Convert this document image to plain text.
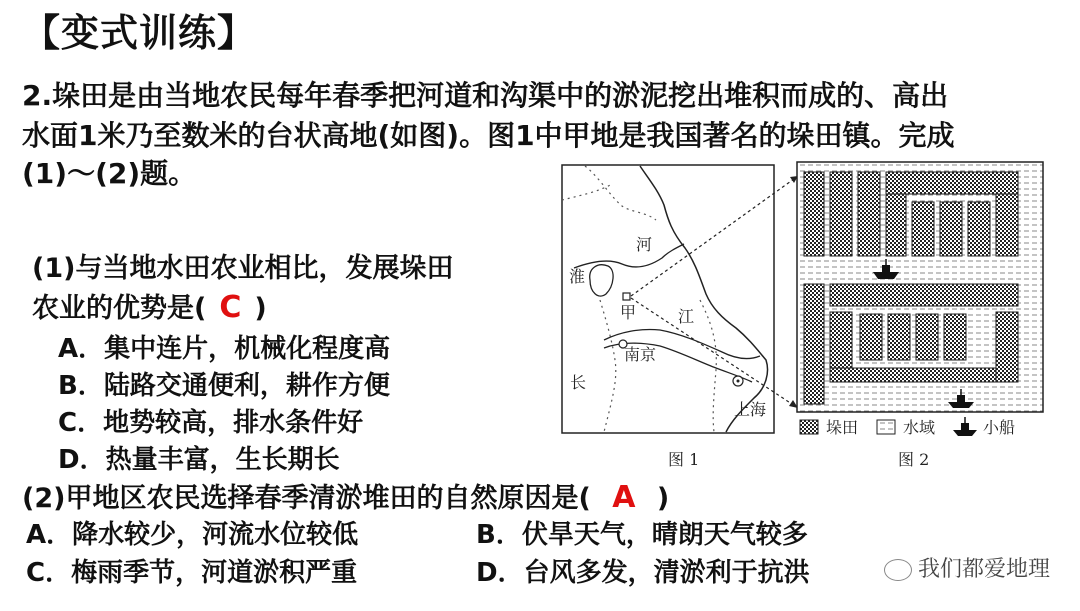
【变式训练】
2.垛田是由当地农民每年春季把河道和沟渠中的淤泥挖出堆积而成的、高出
水面1米乃至数米的台状高地(如图)。图1中甲地是我国著名的垛田镇。完成
(1)～(2)题。
(1)与当地水田农业相比，发展垛田
农业的优势是( C )
A．集中连片，机械化程度高
B．陆路交通便利，耕作方便
C．地势较高，排水条件好
D．热量丰富，生长期长
(2)甲地区农民选择春季清淤堆田的自然原因是( A )
A．降水较少，河流水位较低	B．伏旱天气，晴朗天气较多
C．梅雨季节，河道淤积严重	D．台风多发，清淤利于抗洪
淮
河
甲	江
南京
长
上海
垛田	水域	小船
图 1	图 2
我们都爱地理
